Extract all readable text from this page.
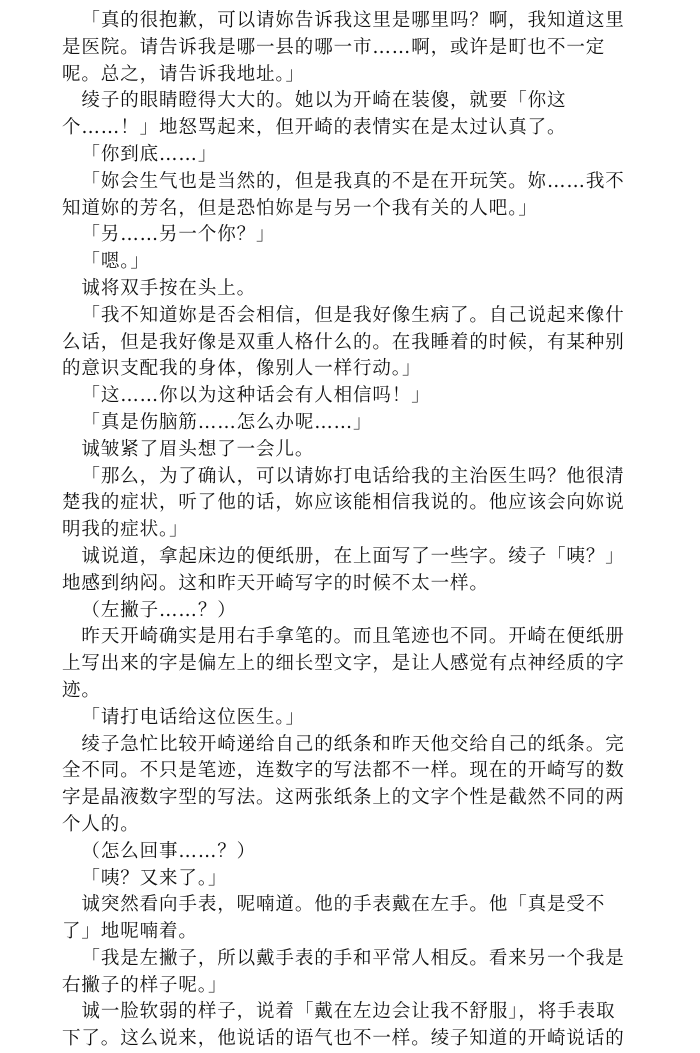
「真的很抱歉，可以请妳告诉我这里是哪里吗？啊，我知道这里是医院。请告诉我是哪一县的哪一市……啊，或许是町也不一定呢。总之，请告诉我地址。」

绫子的眼睛瞪得大大的。她以为开崎在装傻，就要「你这个……！」地怒骂起来，但开崎的表情实在是太过认真了。

「你到底……」

「妳会生气也是当然的，但是我真的不是在开玩笑。妳……我不知道妳的芳名，但是恐怕妳是与另一个我有关的人吧。」

「另……另一个你？」

「嗯。」

诚将双手按在头上。

「我不知道妳是否会相信，但是我好像生病了。自己说起来像什么话，但是我好像是双重人格什么的。在我睡着的时候，有某种别的意识支配我的身体，像别人一样行动。」

「这……你以为这种话会有人相信吗！」

「真是伤脑筋……怎么办呢……」

诚皱紧了眉头想了一会儿。

「那么，为了确认，可以请妳打电话给我的主治医生吗？他很清楚我的症状，听了他的话，妳应该能相信我说的。他应该会向妳说明我的症状。」

诚说道，拿起床边的便纸册，在上面写了一些字。绫子「咦？」地感到纳闷。这和昨天开崎写字的时候不太一样。

（左撇子……？）

昨天开崎确实是用右手拿笔的。而且笔迹也不同。开崎在便纸册上写出来的字是偏左上的细长型文字，是让人感觉有点神经质的字迹。

「请打电话给这位医生。」

绫子急忙比较开崎递给自己的纸条和昨天他交给自己的纸条。完全不同。不只是笔迹，连数字的写法都不一样。现在的开崎写的数字是晶液数字型的写法。这两张纸条上的文字个性是截然不同的两个人的。

（怎么回事……？）

「咦？又来了。」

诚突然看向手表，呢喃道。他的手表戴在左手。他「真是受不了」地呢喃着。

「我是左撇子，所以戴手表的手和平常人相反。看来另一个我是右撇子的样子呢。」

诚一脸软弱的样子，说着「戴在左边会让我不舒服」，将手表取下了。这么说来，他说话的语气也不一样。绫子知道的开崎说话的
